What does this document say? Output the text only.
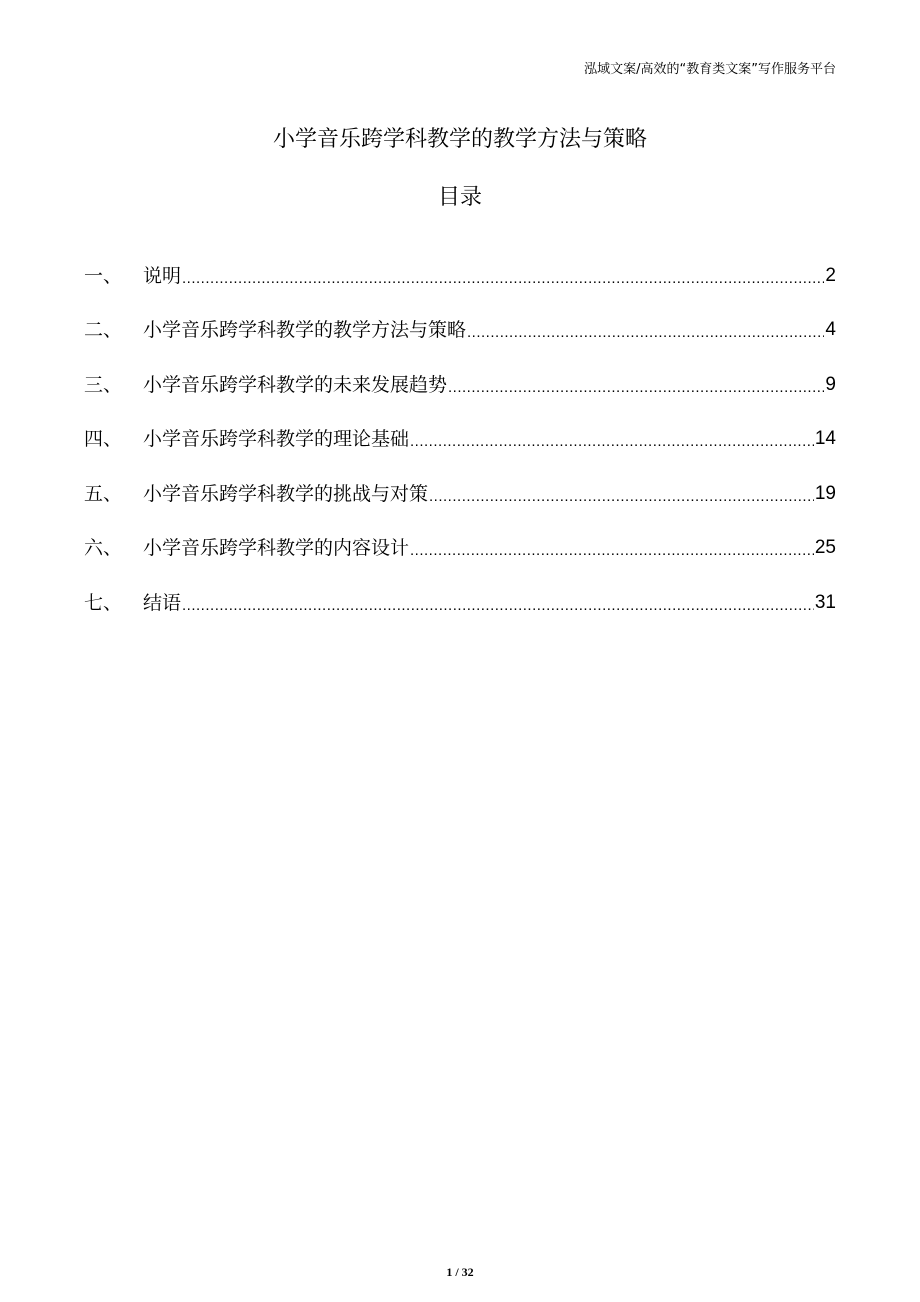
泓域文案/高效的“教育类文案”写作服务平台
小学音乐跨学科教学的教学方法与策略
目录
一、	说明 .....	2
二、	小学音乐跨学科教学的教学方法与策略 .....	4
三、	小学音乐跨学科教学的未来发展趋势 .....	9
四、	小学音乐跨学科教学的理论基础 .....	14
五、	小学音乐跨学科教学的挑战与对策 .....	19
六、	小学音乐跨学科教学的内容设计 .....	25
七、	结语 .....	31
1 / 32
